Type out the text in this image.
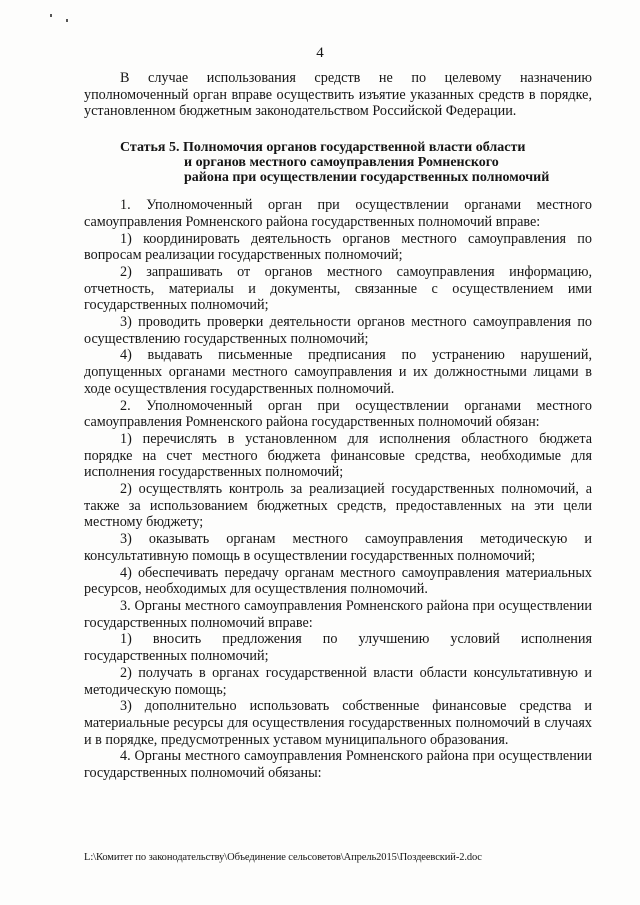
4

В случае использования средств не по целевому назначению уполномоченный орган вправе осуществить изъятие указанных средств в порядке, установленном бюджетным законодательством Российской Федерации.

Статья 5. Полномочия органов государственной власти области
и органов местного самоуправления Ромненского
района при осуществлении государственных полномочий

1. Уполномоченный орган при осуществлении органами местного самоуправления Ромненского района государственных полномочий вправе:

1) координировать деятельность органов местного самоуправления по вопросам реализации государственных полномочий;

2) запрашивать от органов местного самоуправления информацию, отчетность, материалы и документы, связанные с осуществлением ими государственных полномочий;

3) проводить проверки деятельности органов местного самоуправления по осуществлению государственных полномочий;

4) выдавать письменные предписания по устранению нарушений, допущенных органами местного самоуправления и их должностными лицами в ходе осуществления государственных полномочий.

2. Уполномоченный орган при осуществлении органами местного самоуправления Ромненского района государственных полномочий обязан:

1) перечислять в установленном для исполнения областного бюджета порядке на счет местного бюджета финансовые средства, необходимые для исполнения государственных полномочий;

2) осуществлять контроль за реализацией государственных полномочий, а также за использованием бюджетных средств, предоставленных на эти цели местному бюджету;

3) оказывать органам местного самоуправления методическую и консультативную помощь в осуществлении государственных полномочий;

4) обеспечивать передачу органам местного самоуправления материальных ресурсов, необходимых для осуществления полномочий.

3. Органы местного самоуправления Ромненского района при осуществлении государственных полномочий вправе:

1) вносить предложения по улучшению условий исполнения государственных полномочий;

2) получать в органах государственной власти области консультативную и методическую помощь;

3) дополнительно использовать собственные финансовые средства и материальные ресурсы для осуществления государственных полномочий в случаях и в порядке, предусмотренных уставом муниципального образования.

4. Органы местного самоуправления Ромненского района при осуществлении государственных полномочий обязаны:

L:\Комитет по законодательству\Объединение сельсоветов\Апрель2015\Поздеевский-2.doc
